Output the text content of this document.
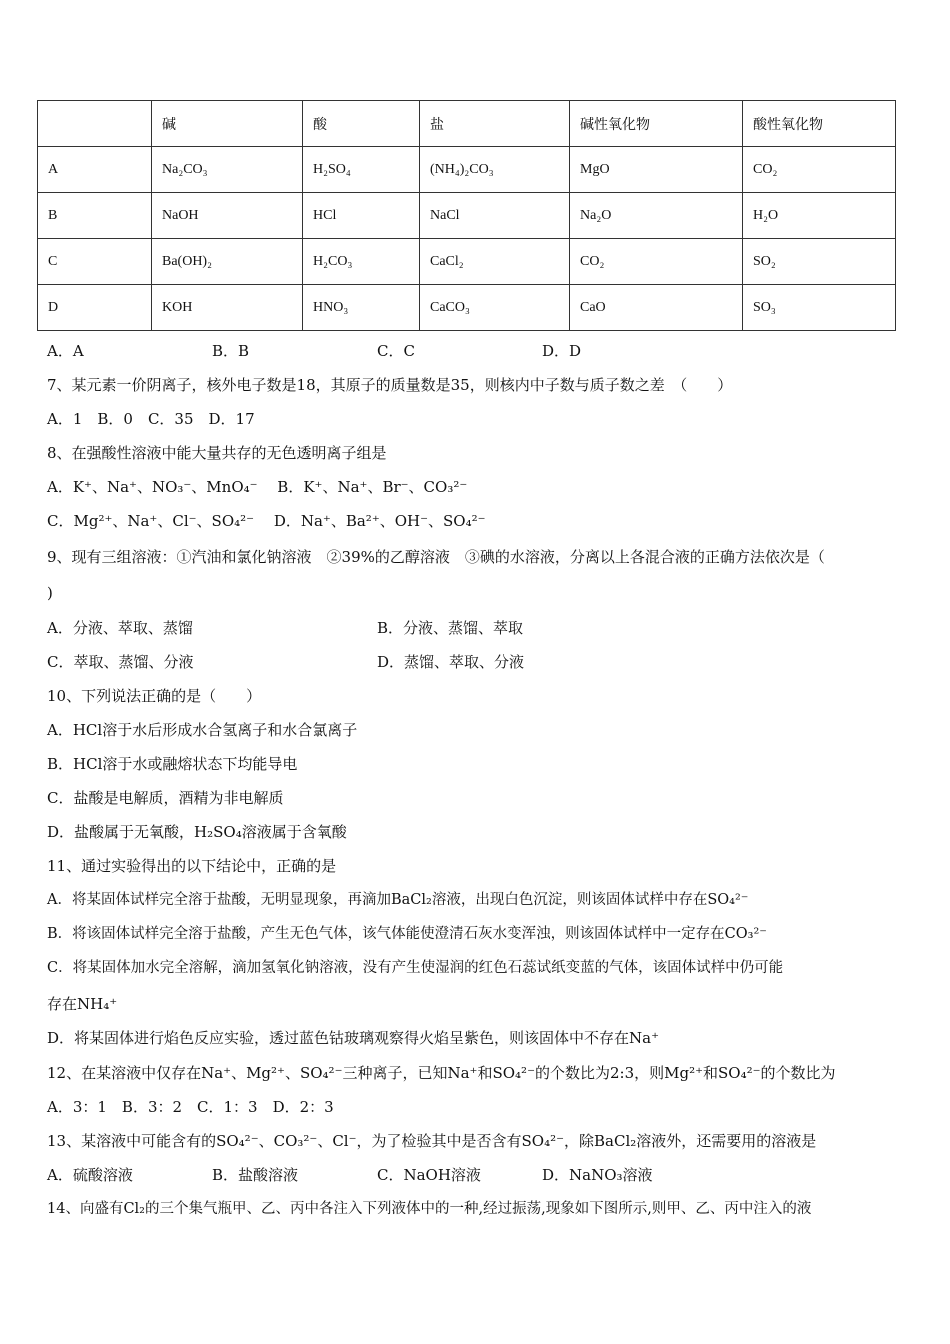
	碱	酸	盐	碱性氧化物	酸性氧化物
A	Na₂CO₃	H₂SO₄	(NH₄)₂CO₃	MgO	CO₂
B	NaOH	HCl	NaCl	Na₂O	H₂O
C	Ba(OH)₂	H₂CO₃	CaCl₂	CO₂	SO₂
D	KOH	HNO₃	CaCO₃	CaO	SO₃
A．A	B．B	C．C	D．D
7、某元素一价阴离子，核外电子数是18，其原子的质量数是35，则核内中子数与质子数之差　（　　）
A．1　B．0　C．35　D．17
8、在强酸性溶液中能大量共存的无色透明离子组是
A．K⁺、Na⁺、NO₃⁻、MnO₄⁻　 B．K⁺、Na⁺、Br⁻、CO₃²⁻
C．Mg²⁺、Na⁺、Cl⁻、SO₄²⁻　 D．Na⁺、Ba²⁺、OH⁻、SO₄²⁻
9、现有三组溶液：①汽油和氯化钠溶液　②39%的乙醇溶液　③碘的水溶液，分离以上各混合液的正确方法依次是（
)
A．分液、萃取、蒸馏	B．分液、蒸馏、萃取
C．萃取、蒸馏、分液	D．蒸馏、萃取、分液
10、下列说法正确的是（　　）
A．HCl溶于水后形成水合氢离子和水合氯离子
B．HCl溶于水或融熔状态下均能导电
C．盐酸是电解质，酒精为非电解质
D．盐酸属于无氧酸，H₂SO₄溶液属于含氧酸
11、通过实验得出的以下结论中，正确的是
A．将某固体试样完全溶于盐酸，无明显现象，再滴加BaCl₂溶液，出现白色沉淀，则该固体试样中存在SO₄²⁻
B．将该固体试样完全溶于盐酸，产生无色气体，该气体能使澄清石灰水变浑浊，则该固体试样中一定存在CO₃²⁻
C．将某固体加水完全溶解，滴加氢氧化钠溶液，没有产生使湿润的红色石蕊试纸变蓝的气体，该固体试样中仍可能
存在NH₄⁺
D．将某固体进行焰色反应实验，透过蓝色钴玻璃观察得火焰呈紫色，则该固体中不存在Na⁺
12、在某溶液中仅存在Na⁺、Mg²⁺、SO₄²⁻三种离子，已知Na⁺和SO₄²⁻的个数比为2:3，则Mg²⁺和SO₄²⁻的个数比为
A．3：1　B．3：2　C．1：3　D．2：3
13、某溶液中可能含有的SO₄²⁻、CO₃²⁻、Cl⁻，为了检验其中是否含有SO₄²⁻，除BaCl₂溶液外，还需要用的溶液是
A．硫酸溶液	B．盐酸溶液	C．NaOH溶液	D．NaNO₃溶液
14、向盛有Cl₂的三个集气瓶甲、乙、丙中各注入下列液体中的一种,经过振荡,现象如下图所示,则甲、乙、丙中注入的液
